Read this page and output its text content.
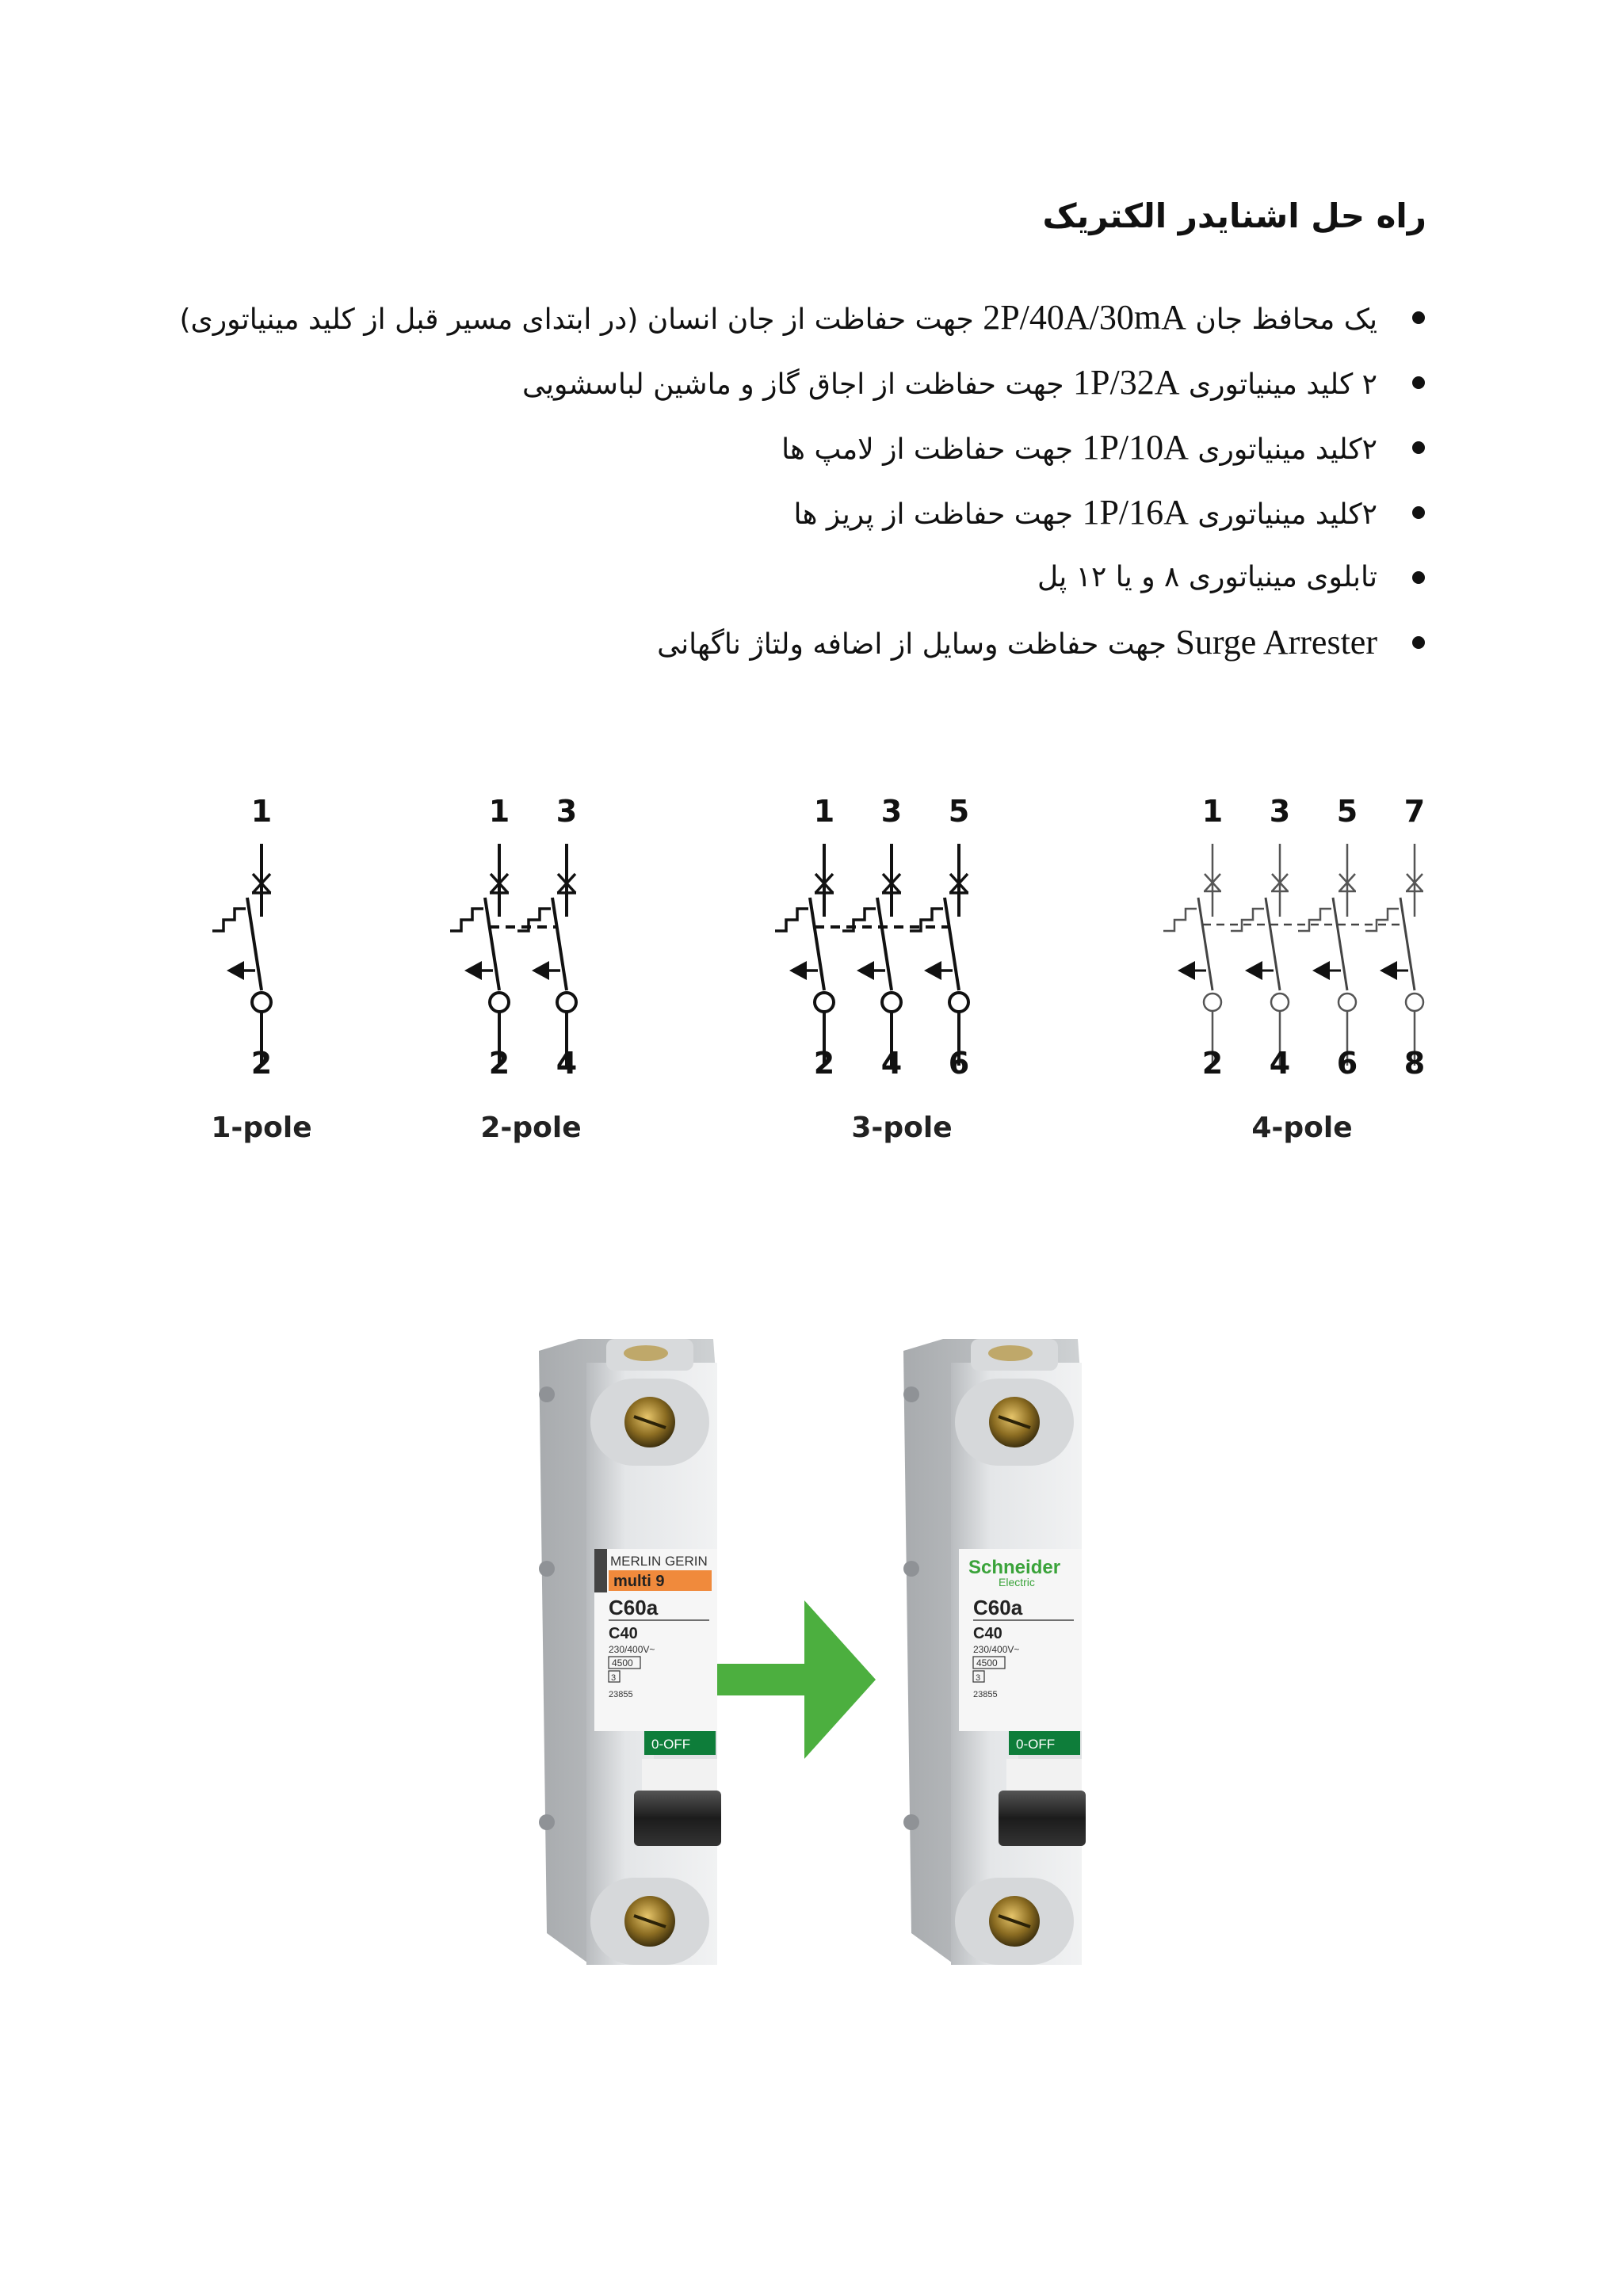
راه حل اشنایدر الکتریک
یک محافظ جان 2P/40A/30mA جهت حفاظت از جان انسان (در ابتدای مسیر قبل از کلید مینیاتوری)
۲ کلید مینیاتوری 1P/32A جهت حفاظت از اجاق گاز و ماشین لباسشویی
۲کلید مینیاتوری 1P/10A جهت حفاظت از لامپ ها
۲کلید مینیاتوری 1P/16A جهت حفاظت از پریز ها
تابلوی مینیاتوری ۸ و یا ۱۲ پل
Surge Arrester جهت حفاظت وسایل از اضافه ولتاژ ناگهانی
1
2
1-pole
1 3
2 4
2-pole
1 3 5
2 4 6
3-pole
1 3 5 7
2 4 6 8
4-pole
MERLIN GERIN
multi 9
C60a
C40
230/400V~
4500
3
23855
0-OFF
Schneider
Electric
C60a
C40
230/400V~
4500
3
23855
0-OFF
